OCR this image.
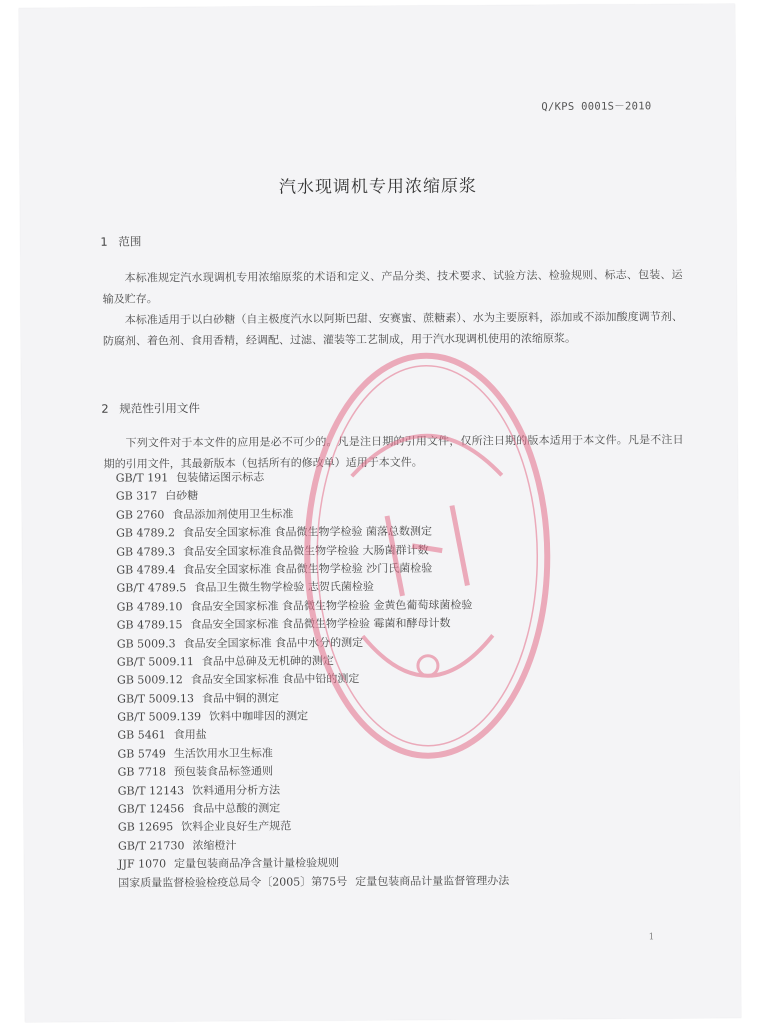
Q/KPS 0001S－2010
汽水现调机专用浓缩原浆
1 范围

本标准规定汽水现调机专用浓缩原浆的术语和定义、产品分类、技术要求、试验方法、检验规则、标志、包装、运输及贮存。

本标准适用于以白砂糖（自主极度汽水以阿斯巴甜、安赛蜜、蔗糖素）、水为主要原料，添加或不添加酸度调节剂、防腐剂、着色剂、食用香精，经调配、过滤、灌装等工艺制成，用于汽水现调机使用的浓缩原浆。

2 规范性引用文件

下列文件对于本文件的应用是必不可少的。凡是注日期的引用文件，仅所注日期的版本适用于本文件。凡是不注日期的引用文件，其最新版本（包括所有的修改单）适用于本文件。

GB/T 191 包装储运图示标志
GB 317 白砂糖
GB 2760 食品添加剂使用卫生标准
GB 4789.2 食品安全国家标准 食品微生物学检验 菌落总数测定
GB 4789.3 食品安全国家标准食品微生物学检验 大肠菌群计数
GB 4789.4 食品安全国家标准 食品微生物学检验 沙门氏菌检验
GB/T 4789.5 食品卫生微生物学检验 志贺氏菌检验
GB 4789.10 食品安全国家标准 食品微生物学检验 金黄色葡萄球菌检验
GB 4789.15 食品安全国家标准 食品微生物学检验 霉菌和酵母计数
GB 5009.3 食品安全国家标准 食品中水分的测定
GB/T 5009.11 食品中总砷及无机砷的测定
GB 5009.12 食品安全国家标准 食品中铅的测定
GB/T 5009.13 食品中铜的测定
GB/T 5009.139 饮料中咖啡因的测定
GB 5461 食用盐
GB 5749 生活饮用水卫生标准
GB 7718 预包装食品标签通则
GB/T 12143 饮料通用分析方法
GB/T 12456 食品中总酸的测定
GB 12695 饮料企业良好生产规范
GB/T 21730 浓缩橙汁
JJF 1070 定量包装商品净含量计量检验规则
国家质量监督检验检疫总局令〔2005〕第75号 定量包装商品计量监督管理办法
1
